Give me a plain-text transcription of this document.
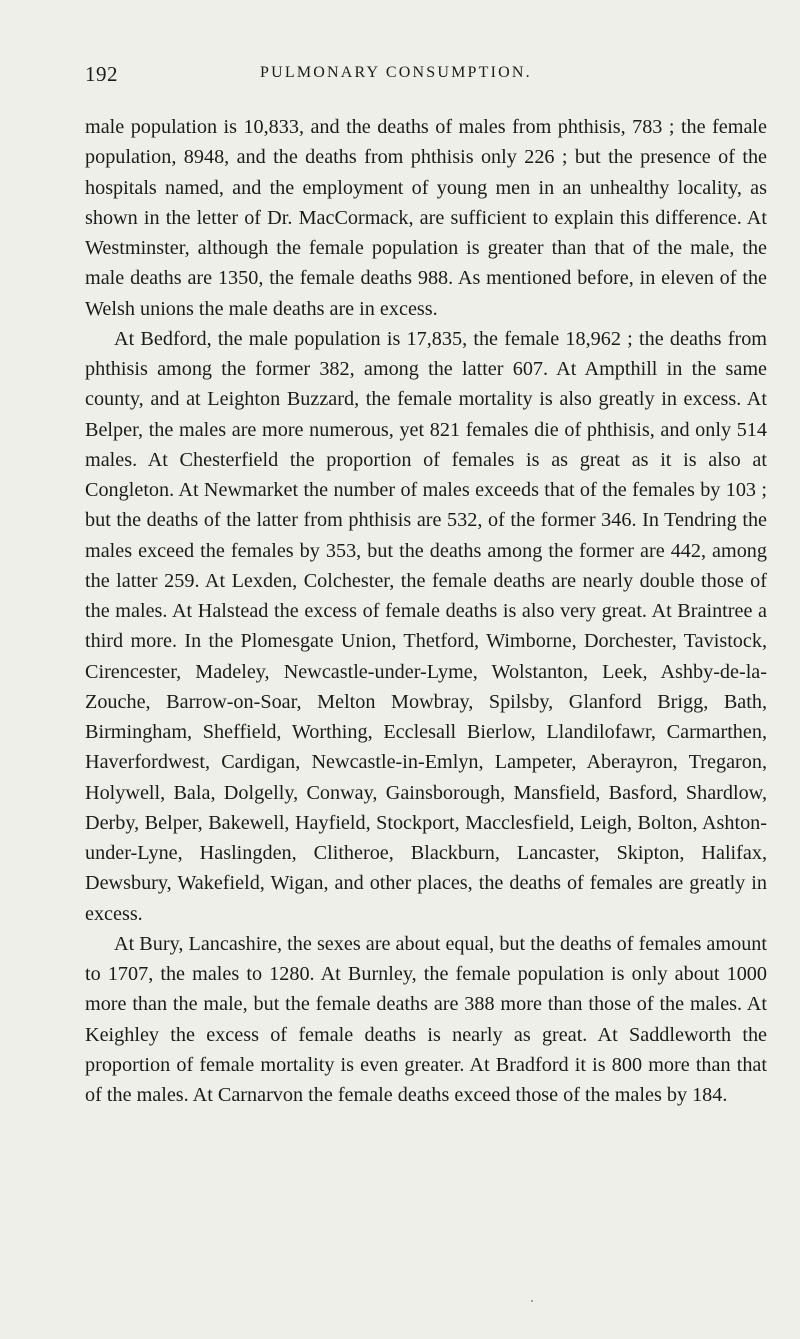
192	PULMONARY CONSUMPTION.

male population is 10,833, and the deaths of males from phthisis, 783 ; the female population, 8948, and the deaths from phthisis only 226 ; but the presence of the hospitals named, and the employment of young men in an unhealthy locality, as shown in the letter of Dr. MacCormack, are sufficient to explain this difference. At Westminster, although the female population is greater than that of the male, the male deaths are 1350, the female deaths 988. As mentioned before, in eleven of the Welsh unions the male deaths are in excess.

At Bedford, the male population is 17,835, the female 18,962 ; the deaths from phthisis among the former 382, among the latter 607. At Ampthill in the same county, and at Leighton Buzzard, the female mortality is also greatly in excess. At Belper, the males are more numerous, yet 821 females die of phthisis, and only 514 males. At Chesterfield the proportion of females is as great as it is also at Congleton. At Newmarket the number of males exceeds that of the females by 103 ; but the deaths of the latter from phthisis are 532, of the former 346. In Tendring the males exceed the females by 353, but the deaths among the former are 442, among the latter 259. At Lexden, Colchester, the female deaths are nearly double those of the males. At Halstead the excess of female deaths is also very great. At Braintree a third more. In the Plomesgate Union, Thetford, Wimborne, Dorchester, Tavistock, Cirencester, Madeley, Newcastle-under-Lyme, Wolstanton, Leek, Ashby-de-la-Zouche, Barrow-on-Soar, Melton Mowbray, Spilsby, Glanford Brigg, Bath, Birmingham, Sheffield, Worthing, Ecclesall Bierlow, Llandilofawr, Carmarthen, Haverfordwest, Cardigan, Newcastle-in-Emlyn, Lampeter, Aberayron, Tregaron, Holywell, Bala, Dolgelly, Conway, Gainsborough, Mansfield, Basford, Shardlow, Derby, Belper, Bakewell, Hayfield, Stockport, Macclesfield, Leigh, Bolton, Ashton-under-Lyne, Haslingden, Clitheroe, Blackburn, Lancaster, Skipton, Halifax, Dewsbury, Wakefield, Wigan, and other places, the deaths of females are greatly in excess.

At Bury, Lancashire, the sexes are about equal, but the deaths of females amount to 1707, the males to 1280. At Burnley, the female population is only about 1000 more than the male, but the female deaths are 388 more than those of the males. At Keighley the excess of female deaths is nearly as great. At Saddleworth the proportion of female mortality is even greater. At Bradford it is 800 more than that of the males. At Carnarvon the female deaths exceed those of the males by 184.
